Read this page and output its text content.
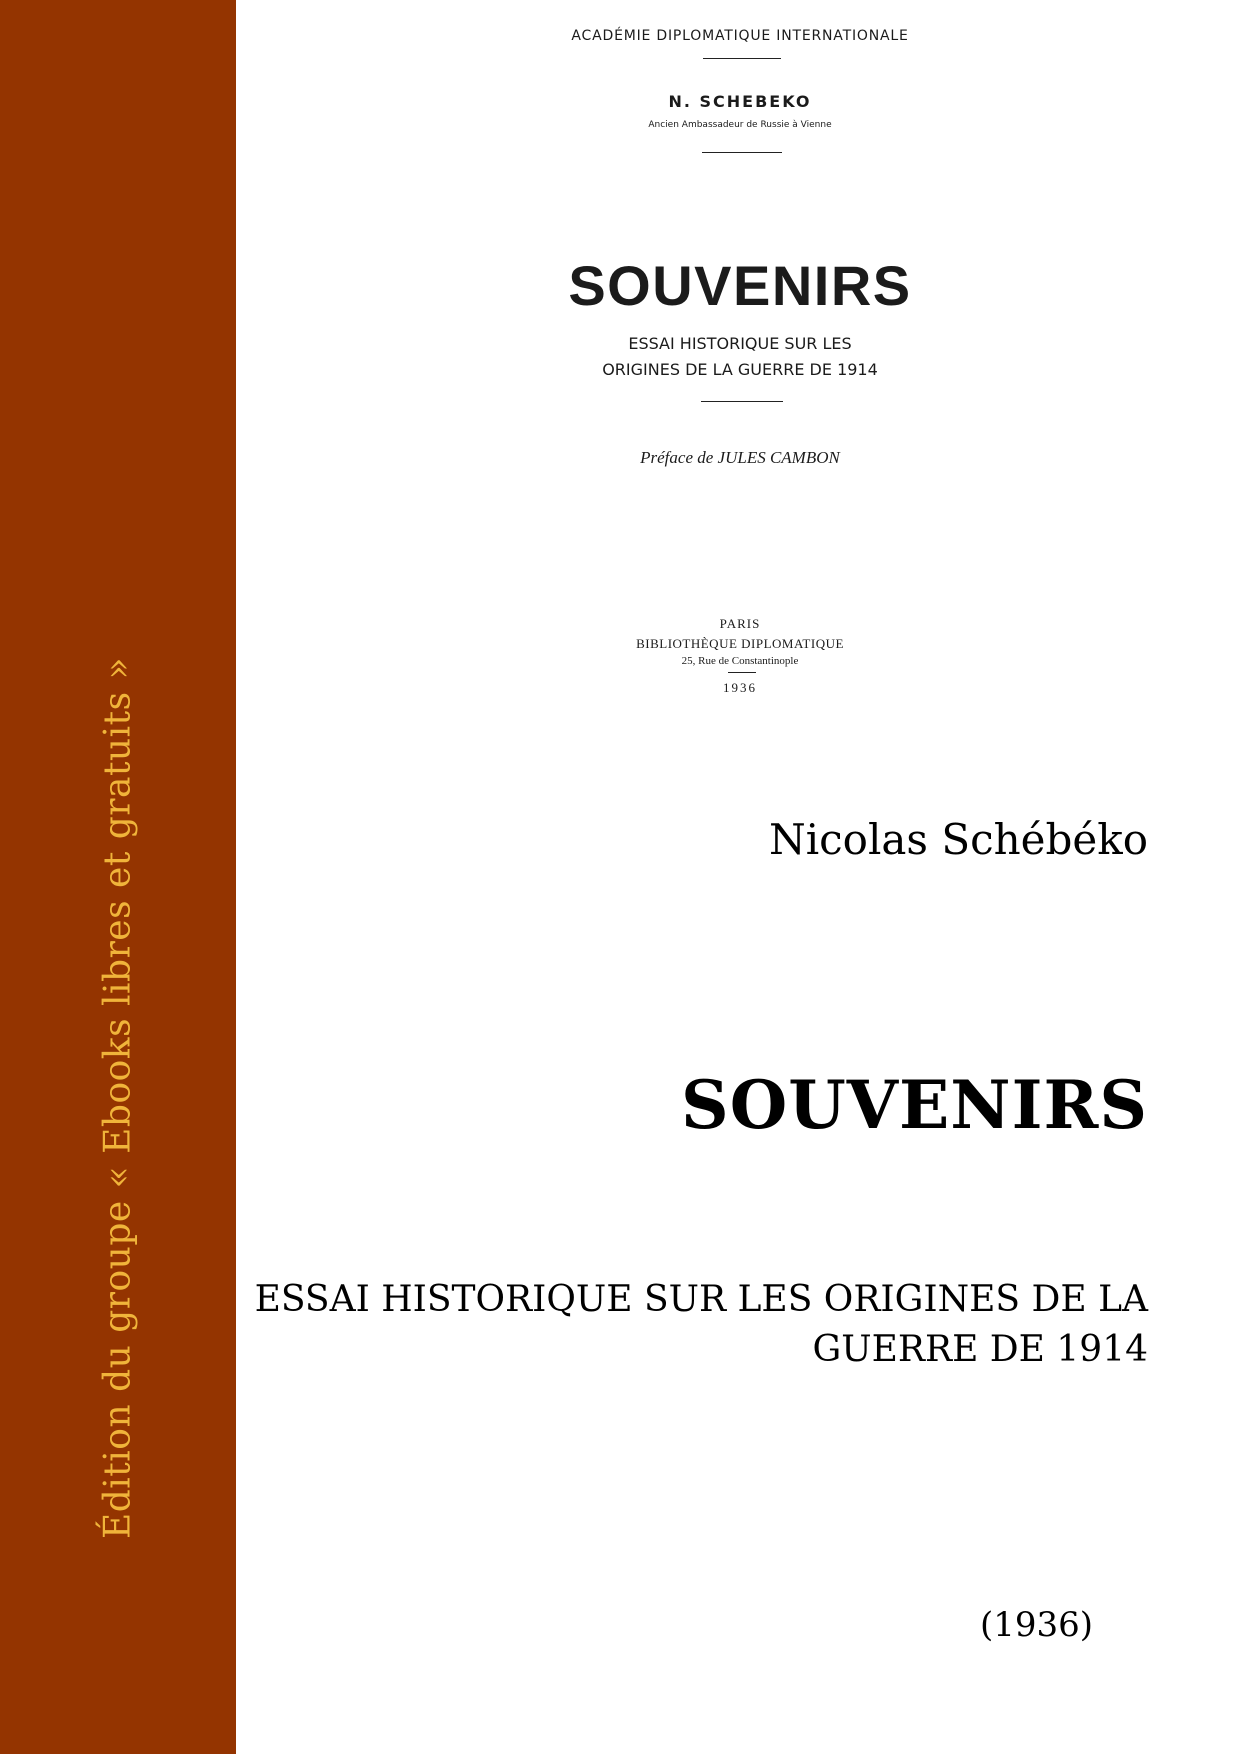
Édition du groupe « Ebooks libres et gratuits »
ACADÉMIE DIPLOMATIQUE INTERNATIONALE
N. SCHEBEKO
Ancien Ambassadeur de Russie à Vienne
SOUVENIRS
ESSAI HISTORIQUE SUR LES
ORIGINES DE LA GUERRE DE 1914
Préface de JULES CAMBON
PARIS
BIBLIOTHÈQUE DIPLOMATIQUE
25, Rue de Constantinople
1936
Nicolas Schébéko
SOUVENIRS
ESSAI HISTORIQUE SUR LES ORIGINES DE LA GUERRE DE 1914
(1936)
